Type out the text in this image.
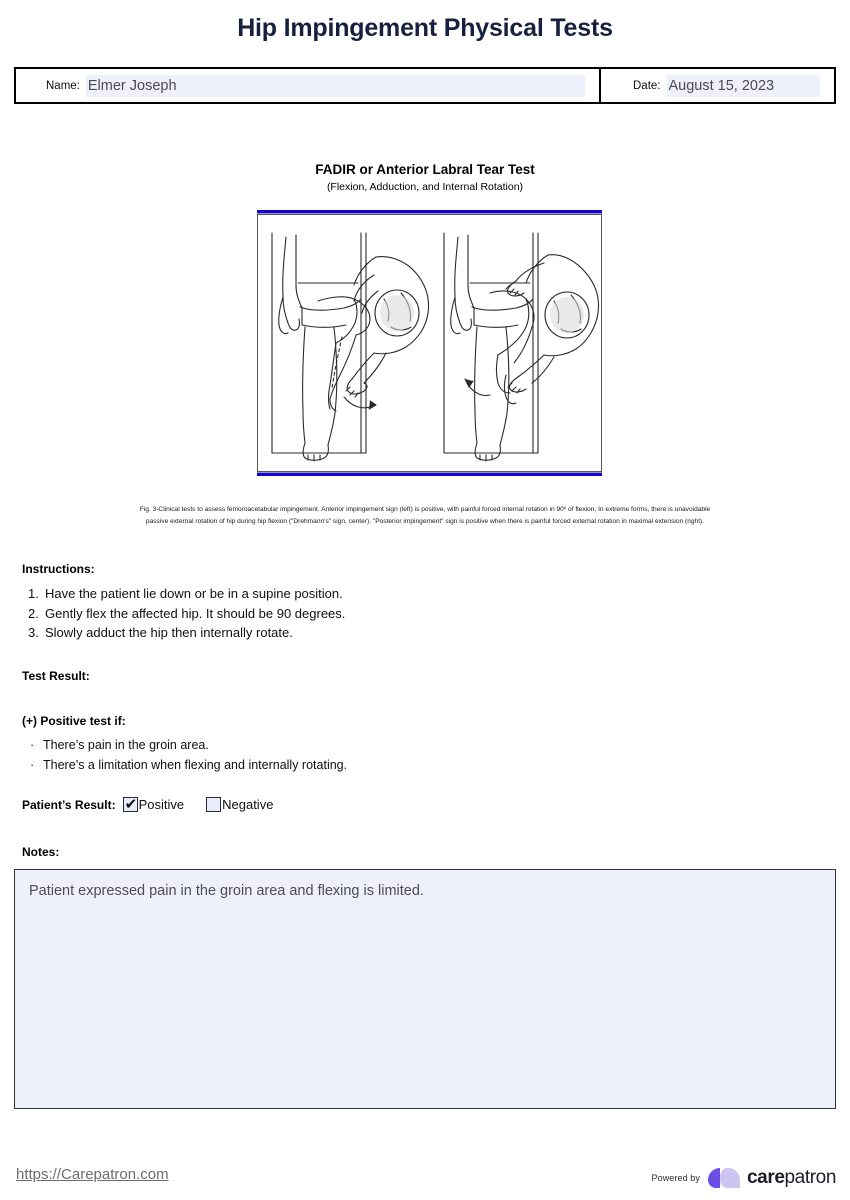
Hip Impingement Physical Tests
Name: Elmer Joseph	Date: August 15, 2023
FADIR or Anterior Labral Tear Test
(Flexion, Adduction, and Internal Rotation)
Fig. 3-Clinical tests to assess femoroacetabular impingement. Anterior impingement sign (left) is positive, with painful forced internal rotation in 90º of flexion. In extreme forms, there is unavoidable passive external rotation of hip during hip flexion ("Drehmann's" sign, center). "Posterior impingement" sign is positive when there is painful forced external rotation in maximal extension (right).
Instructions:
1. Have the patient lie down or be in a supine position.
2. Gently flex the affected hip. It should be 90 degrees.
3. Slowly adduct the hip then internally rotate.
Test Result:
(+) Positive test if:
· There’s pain in the groin area.
· There’s a limitation when flexing and internally rotating.
Patient’s Result: ✔ Positive	Negative
Notes:
Patient expressed pain in the groin area and flexing is limited.
https://Carepatron.com	Powered by carepatron
